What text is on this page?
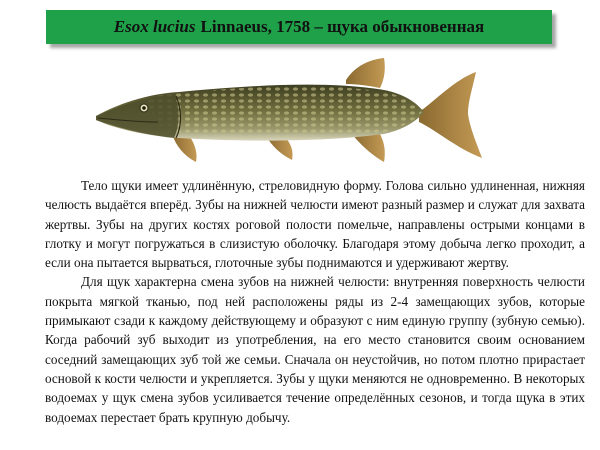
Esox lucius Linnaeus, 1758 – щука обыкновенная

Тело щуки имеет удлинённую, стреловидную форму. Голова сильно удлиненная, нижняя челюсть выдаётся вперёд. Зубы на нижней челюсти имеют разный размер и служат для захвата жертвы. Зубы на других костях роговой полости помельче, направлены острыми концами в глотку и могут погружаться в слизистую оболочку. Благодаря этому добыча легко проходит, а если она пытается вырваться, глоточные зубы поднимаются и удерживают жертву.

Для щук характерна смена зубов на нижней челюсти: внутренняя поверхность челюсти покрыта мягкой тканью, под ней расположены ряды из 2-4 замещающих зубов, которые примыкают сзади к каждому действующему и образуют с ним единую группу (зубную семью). Когда рабочий зуб выходит из употребления, на его место становится своим основанием соседний замещающих зуб той же семьи. Сначала он неустойчив, но потом плотно прирастает основой к кости челюсти и укрепляется. Зубы у щуки меняются не одновременно. В некоторых водоемах у щук смена зубов усиливается течение определённых сезонов, и тогда щука в этих водоемах перестает брать крупную добычу.
